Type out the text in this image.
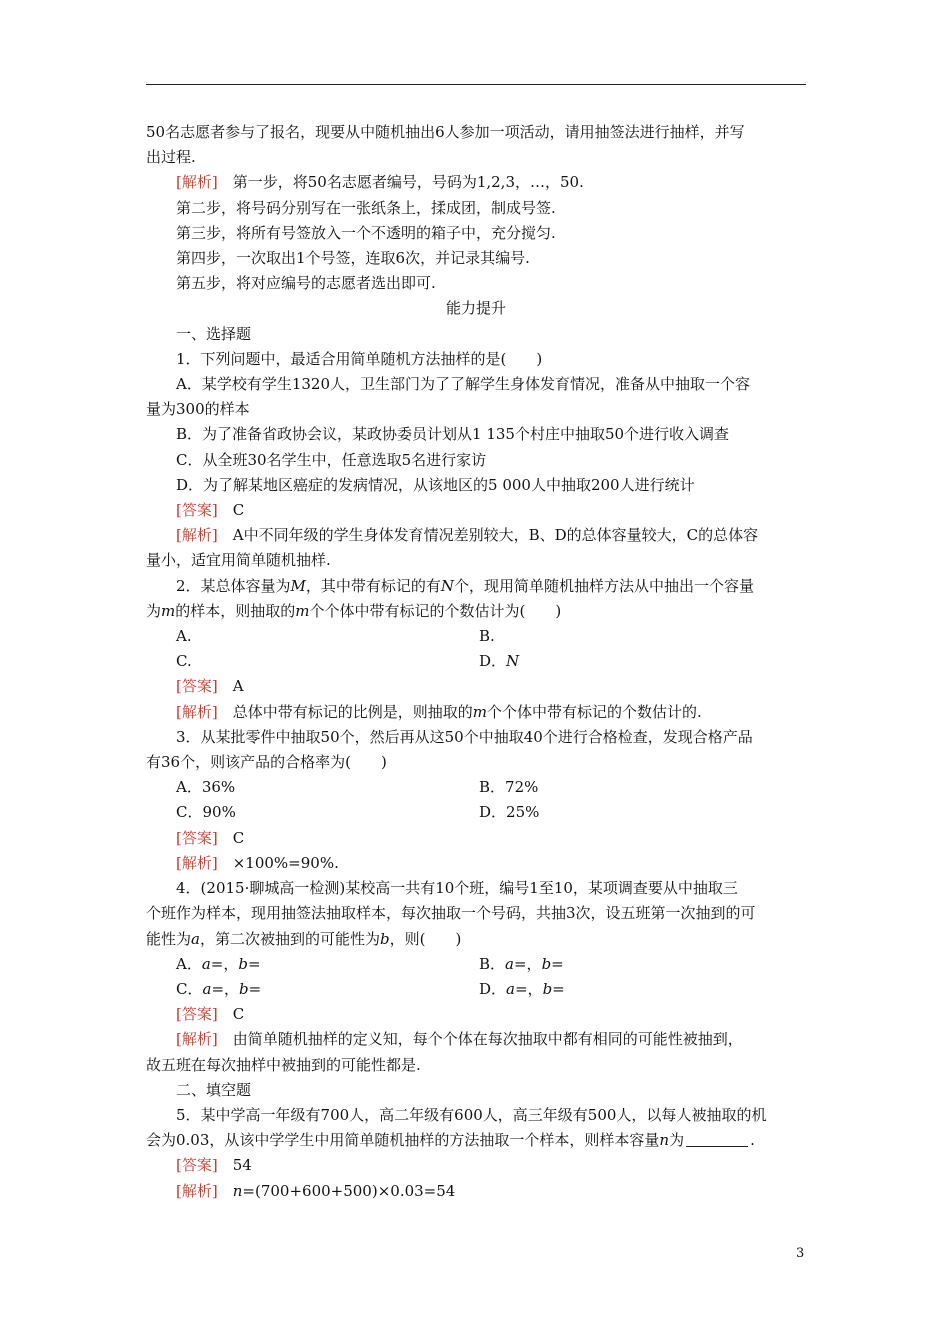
50名志愿者参与了报名，现要从中随机抽出6人参加一项活动，请用抽签法进行抽样，并写
出过程.
[解析]　 第一步，将50名志愿者编号，号码为1,2,3，…，50.
第二步，将号码分别写在一张纸条上，揉成团，制成号签.
第三步，将所有号签放入一个不透明的箱子中，充分搅匀.
第四步，一次取出1个号签，连取6次，并记录其编号.
第五步，将对应编号的志愿者选出即可.
能力提升
一、选择题
1．下列问题中，最适合用简单随机方法抽样的是(　　)
A．某学校有学生1320人，卫生部门为了了解学生身体发育情况，准备从中抽取一个容
量为300的样本
B．为了准备省政协会议，某政协委员计划从1 135个村庄中抽取50个进行收入调查
C．从全班30名学生中，任意选取5名进行家访
D．为了解某地区癌症的发病情况，从该地区的5 000人中抽取200人进行统计
[答案]　 C
[解析]　 A中不同年级的学生身体发育情况差别较大，B、D的总体容量较大，C的总体容
量小，适宜用简单随机抽样.
2．某总体容量为M，其中带有标记的有N个，现用简单随机抽样方法从中抽出一个容量
为m的样本，则抽取的m个个体中带有标记的个数估计为(　　)
A.	B.
C.	D．N
[答案]　 A
[解析]　 总体中带有标记的比例是，则抽取的m个个体中带有标记的个数估计的.
3．从某批零件中抽取50个，然后再从这50个中抽取40个进行合格检查，发现合格产品
有36个，则该产品的合格率为(　　)
A．36%	B．72%
C．90%	D．25%
[答案]　 C
[解析]　 ×100%=90%.
4．(2015·聊城高一检测)某校高一共有10个班，编号1至10，某项调查要从中抽取三
个班作为样本，现用抽签法抽取样本，每次抽取一个号码，共抽3次，设五班第一次抽到的可
能性为a，第二次被抽到的可能性为b，则(　　)
A．a=，b=	B．a=，b=
C．a=，b=	D．a=，b=
[答案]　 C
[解析]　 由简单随机抽样的定义知，每个个体在每次抽取中都有相同的可能性被抽到，
故五班在每次抽样中被抽到的可能性都是.
二、填空题
5．某中学高一年级有700人，高二年级有600人，高三年级有500人，以每人被抽取的机
会为0.03，从该中学学生中用简单随机抽样的方法抽取一个样本，则样本容量n为	.
[答案]　 54
[解析]　 n=(700+600+500)×0.03=54
3
